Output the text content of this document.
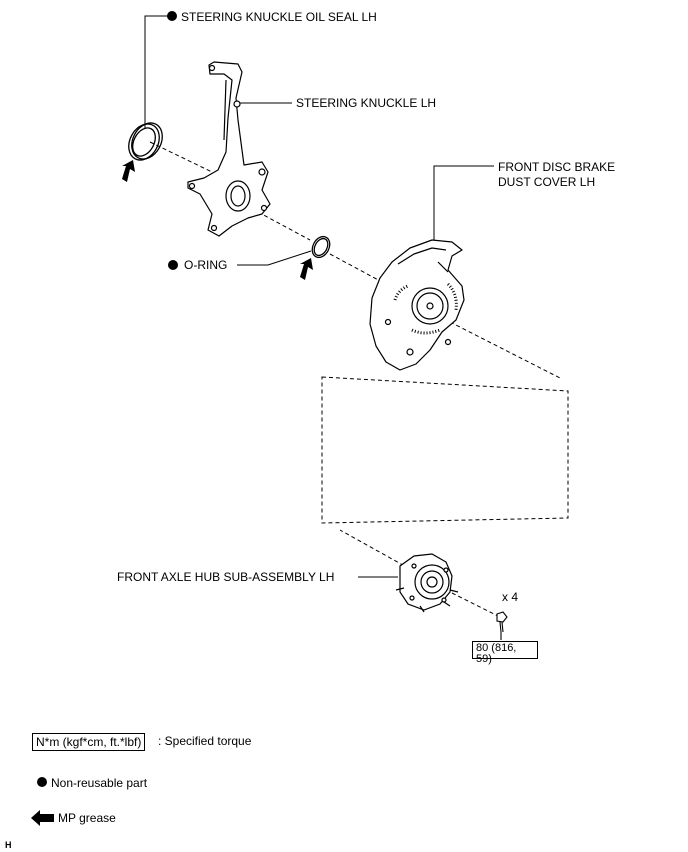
STEERING KNUCKLE OIL SEAL LH
STEERING KNUCKLE LH
FRONT DISC BRAKE
DUST COVER LH
O-RING
FRONT AXLE HUB SUB-ASSEMBLY LH
x 4
80 (816, 59)
N*m (kgf*cm, ft.*lbf)	: Specified torque
Non-reusable part
MP grease
H
